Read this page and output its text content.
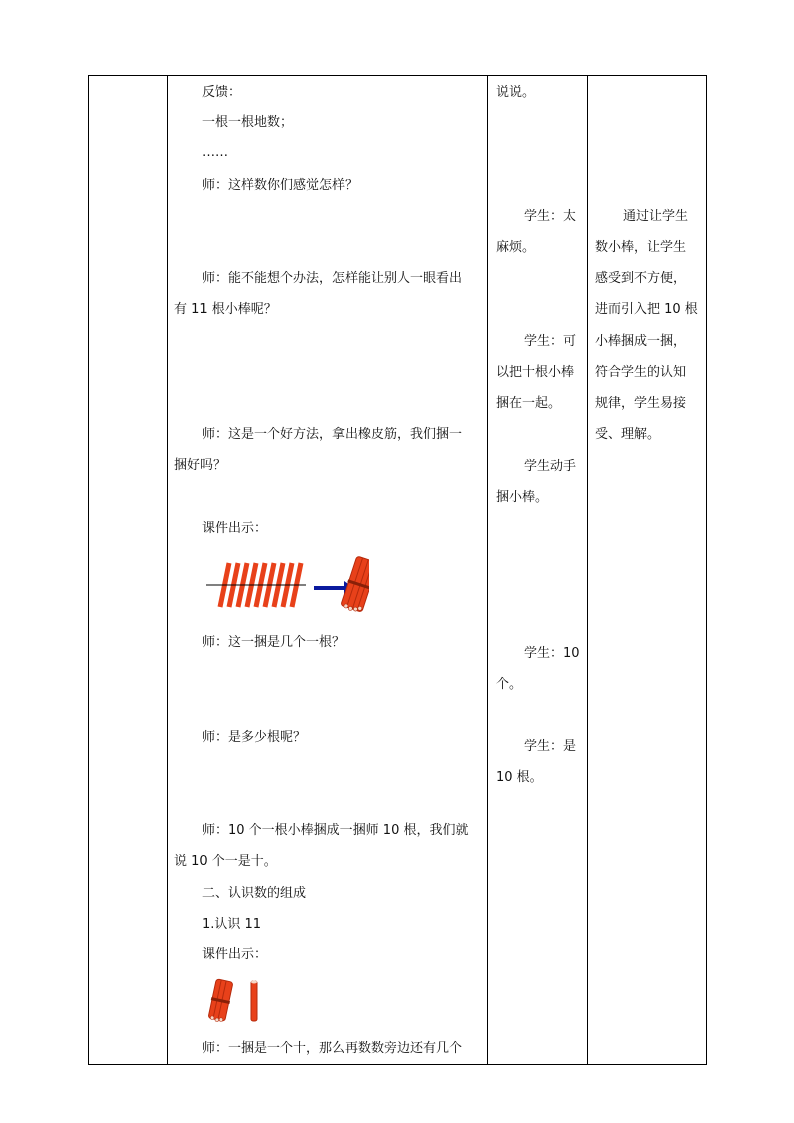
反馈：
一根一根地数；
……
师：这样数你们感觉怎样？
师：能不能想个办法，怎样能让别人一眼看出
有 11 根小棒呢？
师：这是一个好方法，拿出橡皮筋，我们捆一
捆好吗？
课件出示：
师：这一捆是几个一根？
师：是多少根呢？
师：10 个一根小棒捆成一捆师 10 根，我们就
说 10 个一是十。
二、认识数的组成
1.认识 11
课件出示：
师：一捆是一个十，那么再数数旁边还有几个
说说。
学生：太
麻烦。
学生：可
以把十根小棒
捆在一起。
学生动手
捆小棒。
学生：10
个。
学生：是
10 根。
通过让学生
数小棒，让学生
感受到不方便，
进而引入把 10 根
小棒捆成一捆，
符合学生的认知
规律，学生易接
受、理解。
